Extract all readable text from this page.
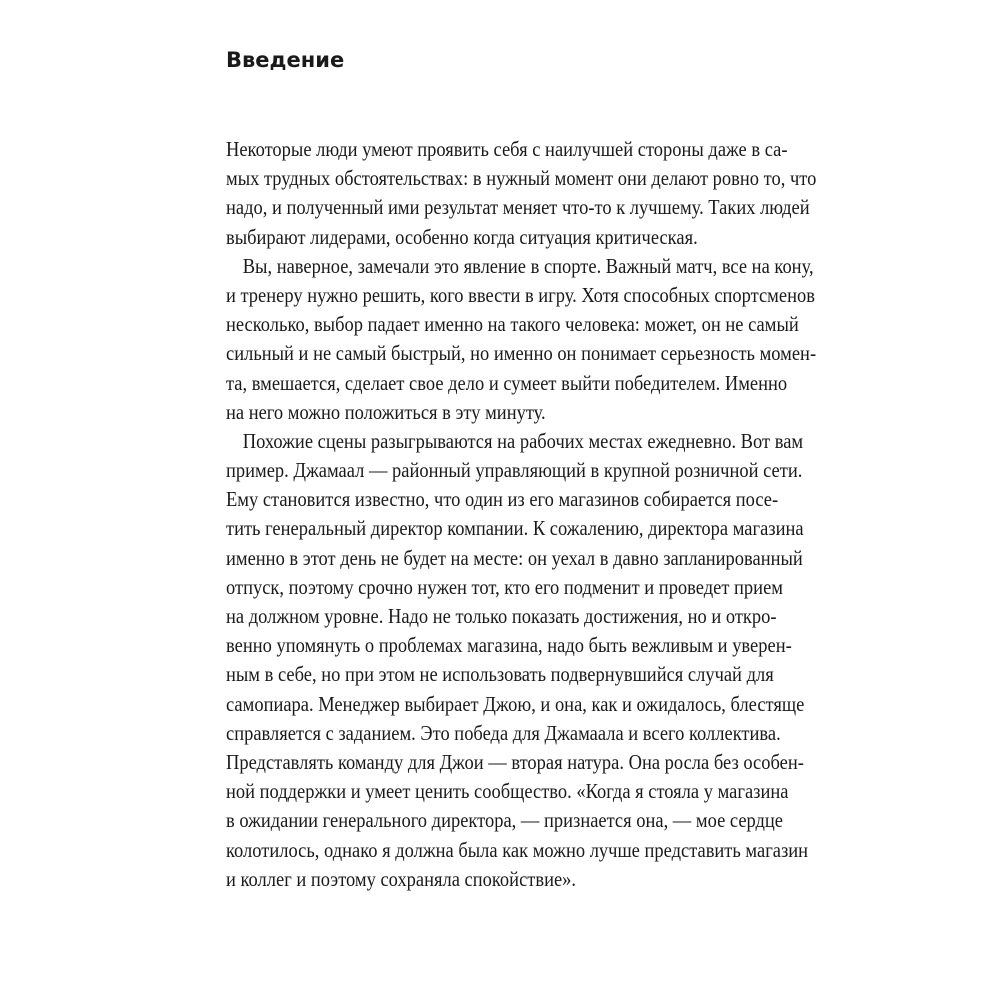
Введение
Некоторые люди умеют проявить себя с наилучшей стороны даже в са-
мых трудных обстоятельствах: в нужный момент они делают ровно то, что
надо, и полученный ими результат меняет что-то к лучшему. Таких людей
выбирают лидерами, особенно когда ситуация критическая.
Вы, наверное, замечали это явление в спорте. Важный матч, все на кону,
и тренеру нужно решить, кого ввести в игру. Хотя способных спортсменов
несколько, выбор падает именно на такого человека: может, он не самый
сильный и не самый быстрый, но именно он понимает серьезность момен-
та, вмешается, сделает свое дело и сумеет выйти победителем. Именно
на него можно положиться в эту минуту.
Похожие сцены разыгрываются на рабочих местах ежедневно. Вот вам
пример. Джамаал — районный управляющий в крупной розничной сети.
Ему становится известно, что один из его магазинов собирается посе-
тить генеральный директор компании. К сожалению, директора магазина
именно в этот день не будет на месте: он уехал в давно запланированный
отпуск, поэтому срочно нужен тот, кто его подменит и проведет прием
на должном уровне. Надо не только показать достижения, но и откро-
венно упомянуть о проблемах магазина, надо быть вежливым и уверен-
ным в себе, но при этом не использовать подвернувшийся случай для
самопиара. Менеджер выбирает Джою, и она, как и ожидалось, блестяще
справляется с заданием. Это победа для Джамаала и всего коллектива.
Представлять команду для Джои — вторая натура. Она росла без особен-
ной поддержки и умеет ценить сообщество. «Когда я стояла у магазина
в ожидании генерального директора, — признается она, — мое сердце
колотилось, однако я должна была как можно лучше представить магазин
и коллег и поэтому сохраняла спокойствие».
